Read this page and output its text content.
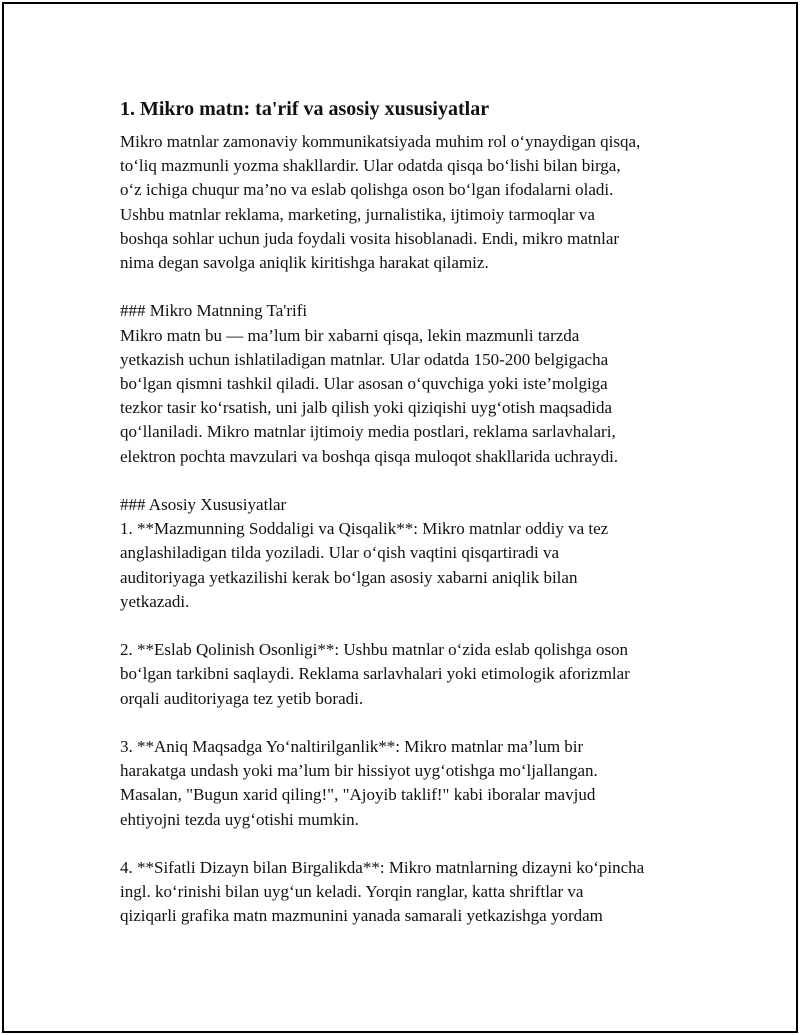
1. Mikro matn: ta'rif va asosiy xususiyatlar

Mikro matnlar zamonaviy kommunikatsiyada muhim rol o‘ynaydigan qisqa,
to‘liq mazmunli yozma shakllardir. Ular odatda qisqa bo‘lishi bilan birga,
o‘z ichiga chuqur ma’no va eslab qolishga oson bo‘lgan ifodalarni oladi.
Ushbu matnlar reklama, marketing, jurnalistika, ijtimoiy tarmoqlar va
boshqa sohlar uchun juda foydali vosita hisoblanadi. Endi, mikro matnlar
nima degan savolga aniqlik kiritishga harakat qilamiz.

### Mikro Matnning Ta'rifi
Mikro matn bu — ma’lum bir xabarni qisqa, lekin mazmunli tarzda
yetkazish uchun ishlatiladigan matnlar. Ular odatda 150-200 belgigacha
bo‘lgan qismni tashkil qiladi. Ular asosan o‘quvchiga yoki iste’molgiga
tezkor tasir ko‘rsatish, uni jalb qilish yoki qiziqishi uyg‘otish maqsadida
qo‘llaniladi. Mikro matnlar ijtimoiy media postlari, reklama sarlavhalari,
elektron pochta mavzulari va boshqa qisqa muloqot shakllarida uchraydi.

### Asosiy Xususiyatlar
1. **Mazmunning Soddaligi va Qisqalik**: Mikro matnlar oddiy va tez
anglashiladigan tilda yoziladi. Ular o‘qish vaqtini qisqartiradi va
auditoriyaga yetkazilishi kerak bo‘lgan asosiy xabarni aniqlik bilan
yetkazadi.

2. **Eslab Qolinish Osonligi**: Ushbu matnlar o‘zida eslab qolishga oson
bo‘lgan tarkibni saqlaydi. Reklama sarlavhalari yoki etimologik aforizmlar
orqali auditoriyaga tez yetib boradi.

3. **Aniq Maqsadga Yo‘naltirilganlik**: Mikro matnlar ma’lum bir
harakatga undash yoki ma’lum bir hissiyot uyg‘otishga mo‘ljallangan.
Masalan, "Bugun xarid qiling!", "Ajoyib taklif!" kabi iboralar mavjud
ehtiyojni tezda uyg‘otishi mumkin.

4. **Sifatli Dizayn bilan Birgalikda**: Mikro matnlarning dizayni ko‘pincha
ingl. ko‘rinishi bilan uyg‘un keladi. Yorqin ranglar, katta shriftlar va
qiziqarli grafika matn mazmunini yanada samarali yetkazishga yordam
